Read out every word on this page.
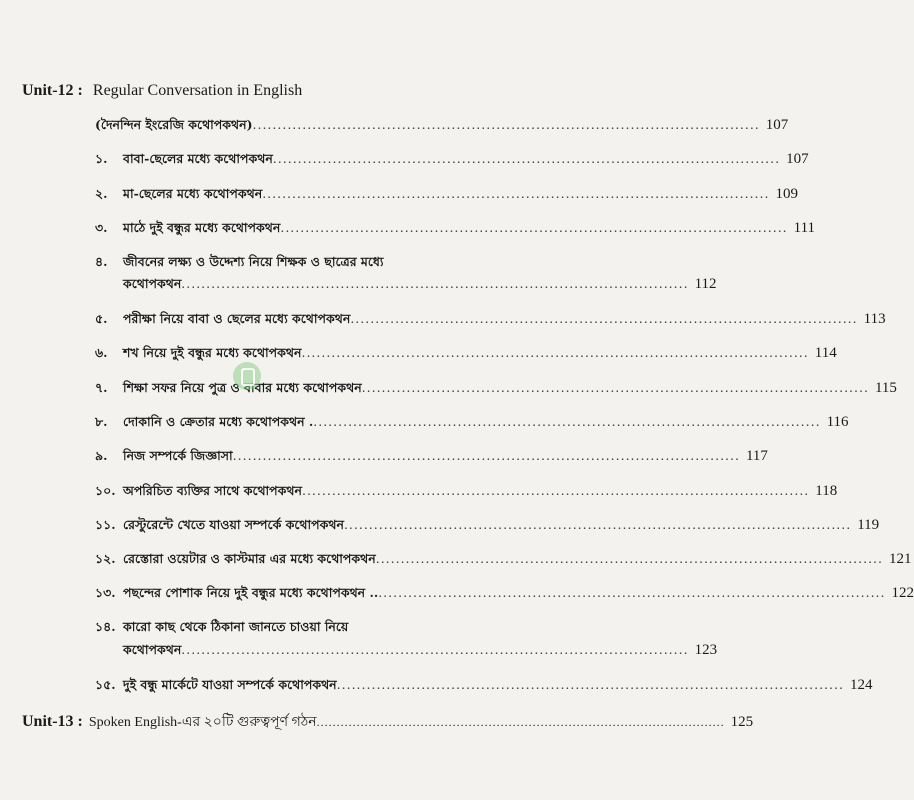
Unit-12 : Regular Conversation in English
(দৈনন্দিন ইংরেজি কথোপকথন) .....	107
১.	বাবা-ছেলের মধ্যে কথোপকথন .....	107
২.	মা-ছেলের মধ্যে কথোপকথন .....	109
৩.	মাঠে দুই বন্ধুর মধ্যে কথোপকথন .....	111
৪. জীবনের লক্ষ্য ও উদ্দেশ্য নিয়ে শিক্ষক ও ছাত্রের মধ্যে
কথোপকথন .....	112
৫.	পরীক্ষা নিয়ে বাবা ও ছেলের মধ্যে কথোপকথন .....	113
৬.	শখ নিয়ে দুই বন্ধুর মধ্যে কথোপকথন .....	114
৭.	শিক্ষা সফর নিয়ে পুত্র ও বাবার মধ্যে কথোপকথন .....	115
৮.	দোকানি ও ক্রেতার মধ্যে কথোপকথন . .....	116
৯.	নিজ সম্পর্কে জিজ্ঞাসা .....	117
১০. অপরিচিত ব্যক্তির সাথে কথোপকথন .....	118
১১. রেস্টুরেন্টে খেতে যাওয়া সম্পর্কে কথোপকথন .....	119
১২. রেস্তোরা ওয়েটার ও কাস্টমার এর মধ্যে কথোপকথন .....	121
১৩. পছন্দের পোশাক নিয়ে দুই বন্ধুর মধ্যে কথোপকথন .. .....	122
১৪. কারো কাছ থেকে ঠিকানা জানতে চাওয়া নিয়ে
কথোপকথন .....	123
১৫. দুই বন্ধু মার্কেটে যাওয়া সম্পর্কে কথোপকথন .....	124
Unit-13 : Spoken English-এর ২০টি গুরুত্বপূর্ণ গঠন .....	125
